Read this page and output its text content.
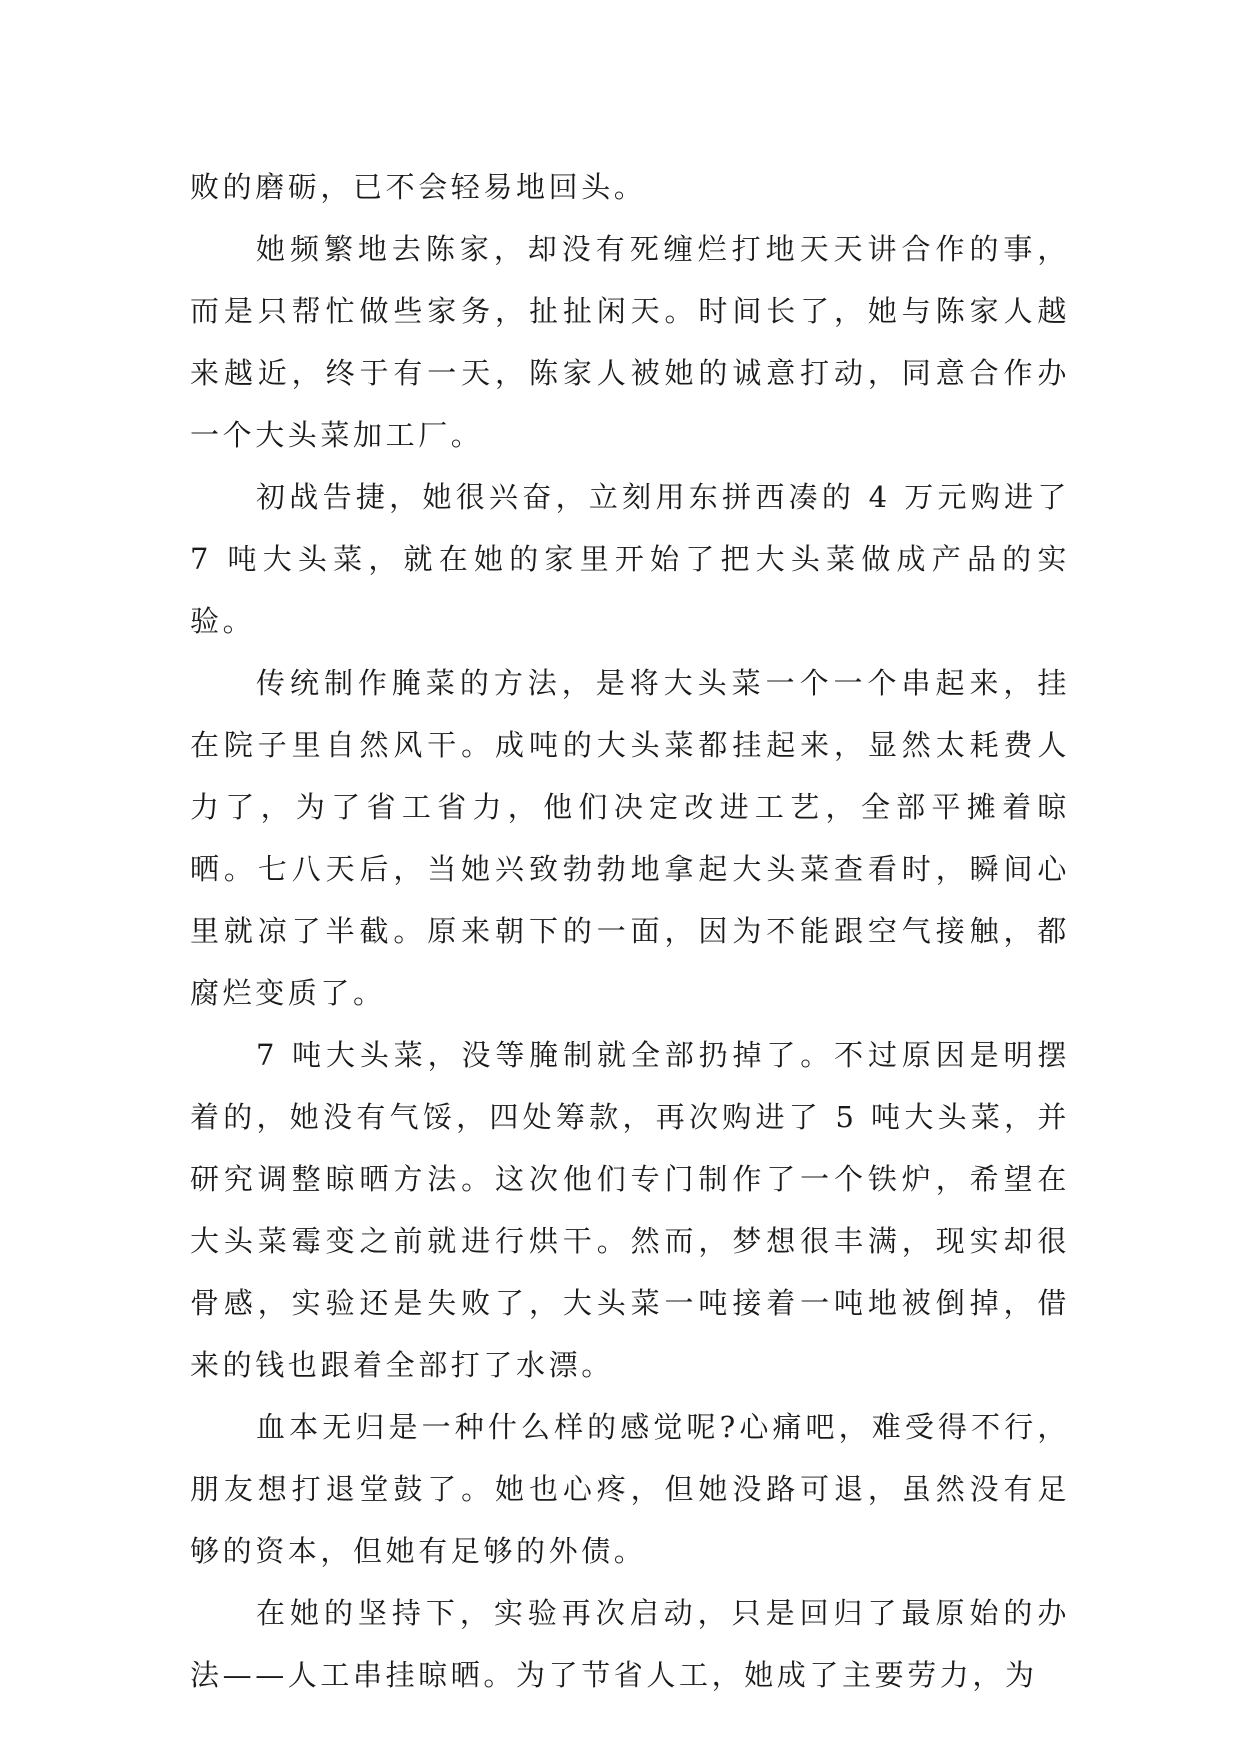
败的磨砺，已不会轻易地回头。

她频繁地去陈家，却没有死缠烂打地天天讲合作的事，而是只帮忙做些家务，扯扯闲天。时间长了，她与陈家人越来越近，终于有一天，陈家人被她的诚意打动，同意合作办一个大头菜加工厂。

初战告捷，她很兴奋，立刻用东拼西凑的 4 万元购进了 7 吨大头菜，就在她的家里开始了把大头菜做成产品的实验。

传统制作腌菜的方法，是将大头菜一个一个串起来，挂在院子里自然风干。成吨的大头菜都挂起来，显然太耗费人力了，为了省工省力，他们决定改进工艺，全部平摊着晾晒。七八天后，当她兴致勃勃地拿起大头菜查看时，瞬间心里就凉了半截。原来朝下的一面，因为不能跟空气接触，都腐烂变质了。

7 吨大头菜，没等腌制就全部扔掉了。不过原因是明摆着的，她没有气馁，四处筹款，再次购进了 5 吨大头菜，并研究调整晾晒方法。这次他们专门制作了一个铁炉，希望在大头菜霉变之前就进行烘干。然而，梦想很丰满，现实却很骨感，实验还是失败了，大头菜一吨接着一吨地被倒掉，借来的钱也跟着全部打了水漂。

血本无归是一种什么样的感觉呢?心痛吧，难受得不行，朋友想打退堂鼓了。她也心疼，但她没路可退，虽然没有足够的资本，但她有足够的外债。

在她的坚持下，实验再次启动，只是回归了最原始的办法——人工串挂晾晒。为了节省人工，她成了主要劳力，为
